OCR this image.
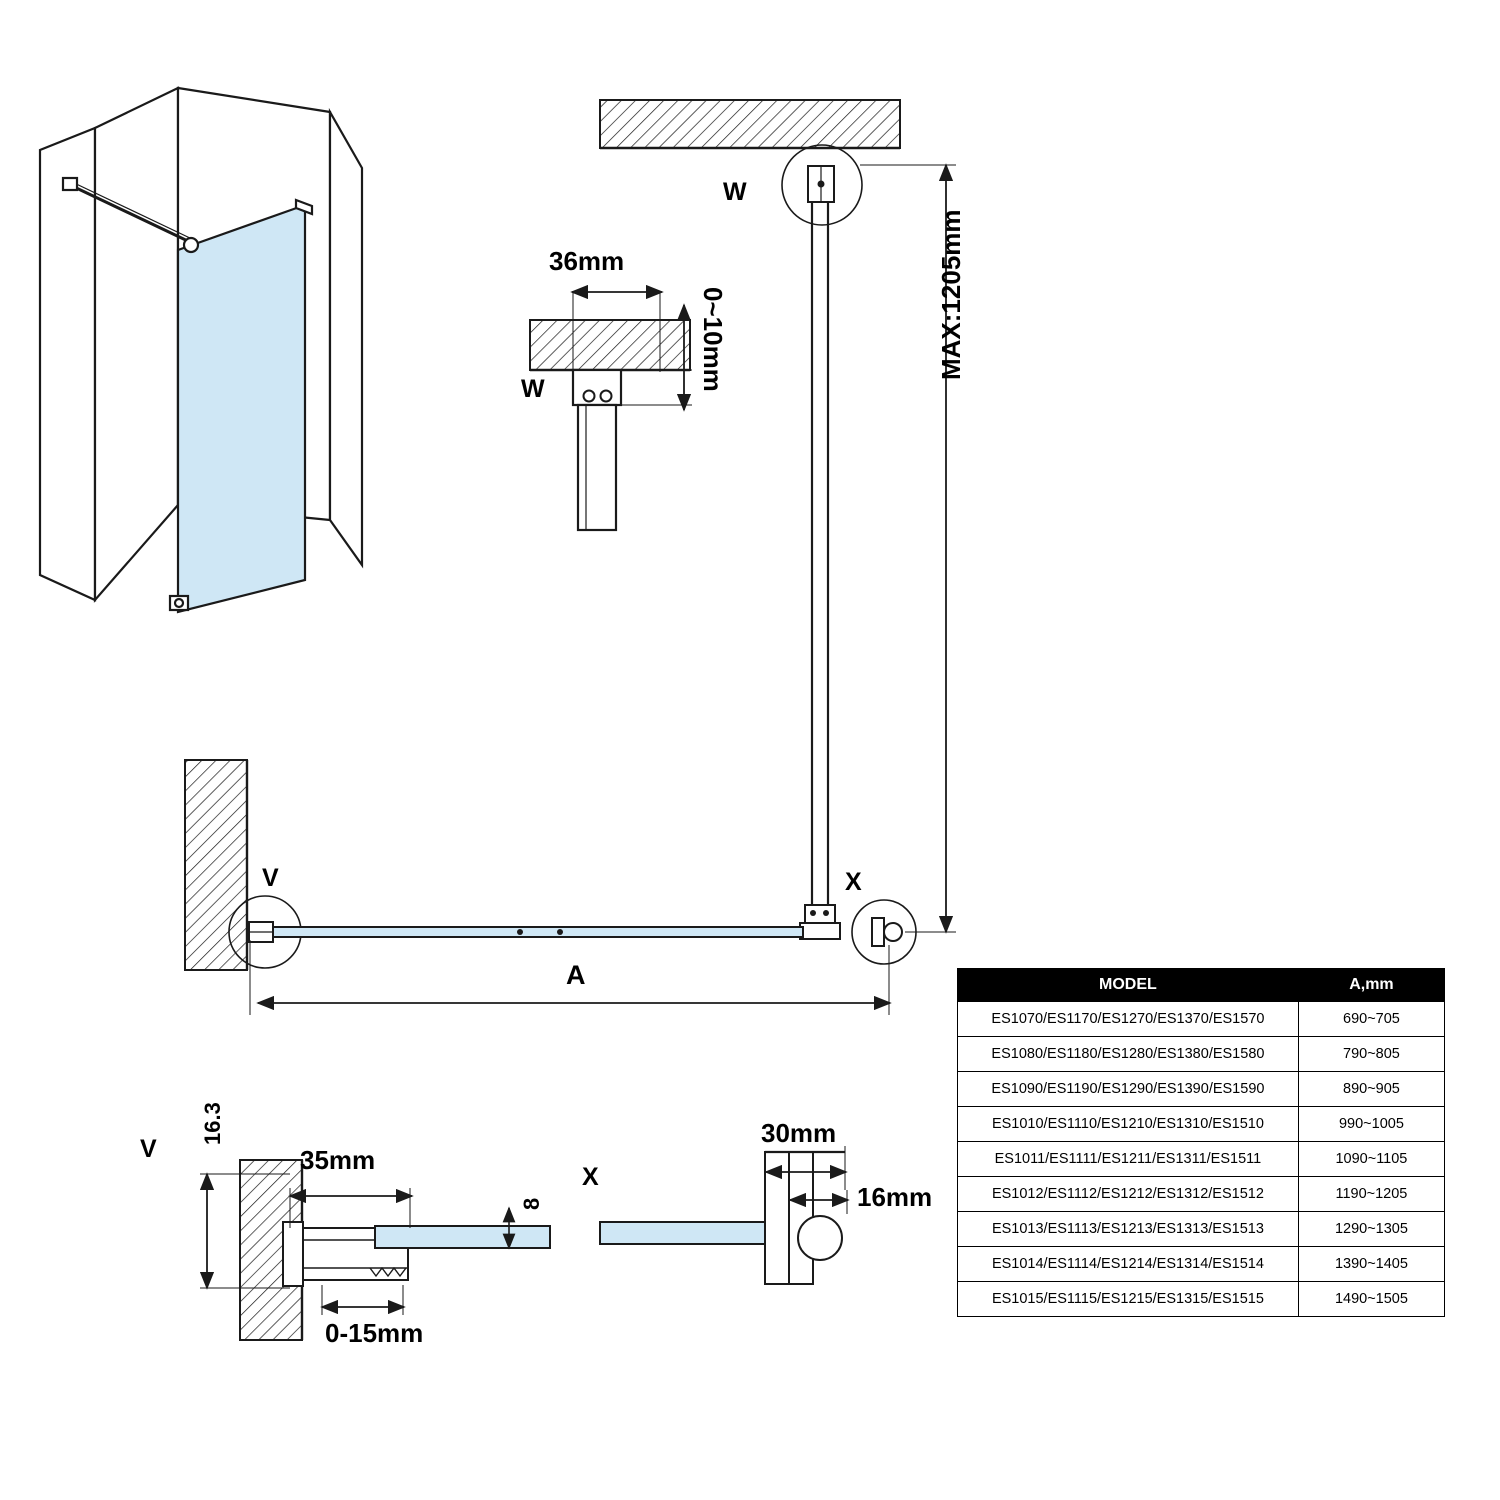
W
W
36mm
0~10mm	MAX:1205mm
V	X
A
V
16.3
35mm
8
0-15mm
X
30mm
16mm
MODEL	A,mm
ES1070/ES1170/ES1270/ES1370/ES1570	690~705
ES1080/ES1180/ES1280/ES1380/ES1580	790~805
ES1090/ES1190/ES1290/ES1390/ES1590	890~905
ES1010/ES1110/ES1210/ES1310/ES1510	990~1005
ES1011/ES1111/ES1211/ES1311/ES1511	1090~1105
ES1012/ES1112/ES1212/ES1312/ES1512	1190~1205
ES1013/ES1113/ES1213/ES1313/ES1513	1290~1305
ES1014/ES1114/ES1214/ES1314/ES1514	1390~1405
ES1015/ES1115/ES1215/ES1315/ES1515	1490~1505
